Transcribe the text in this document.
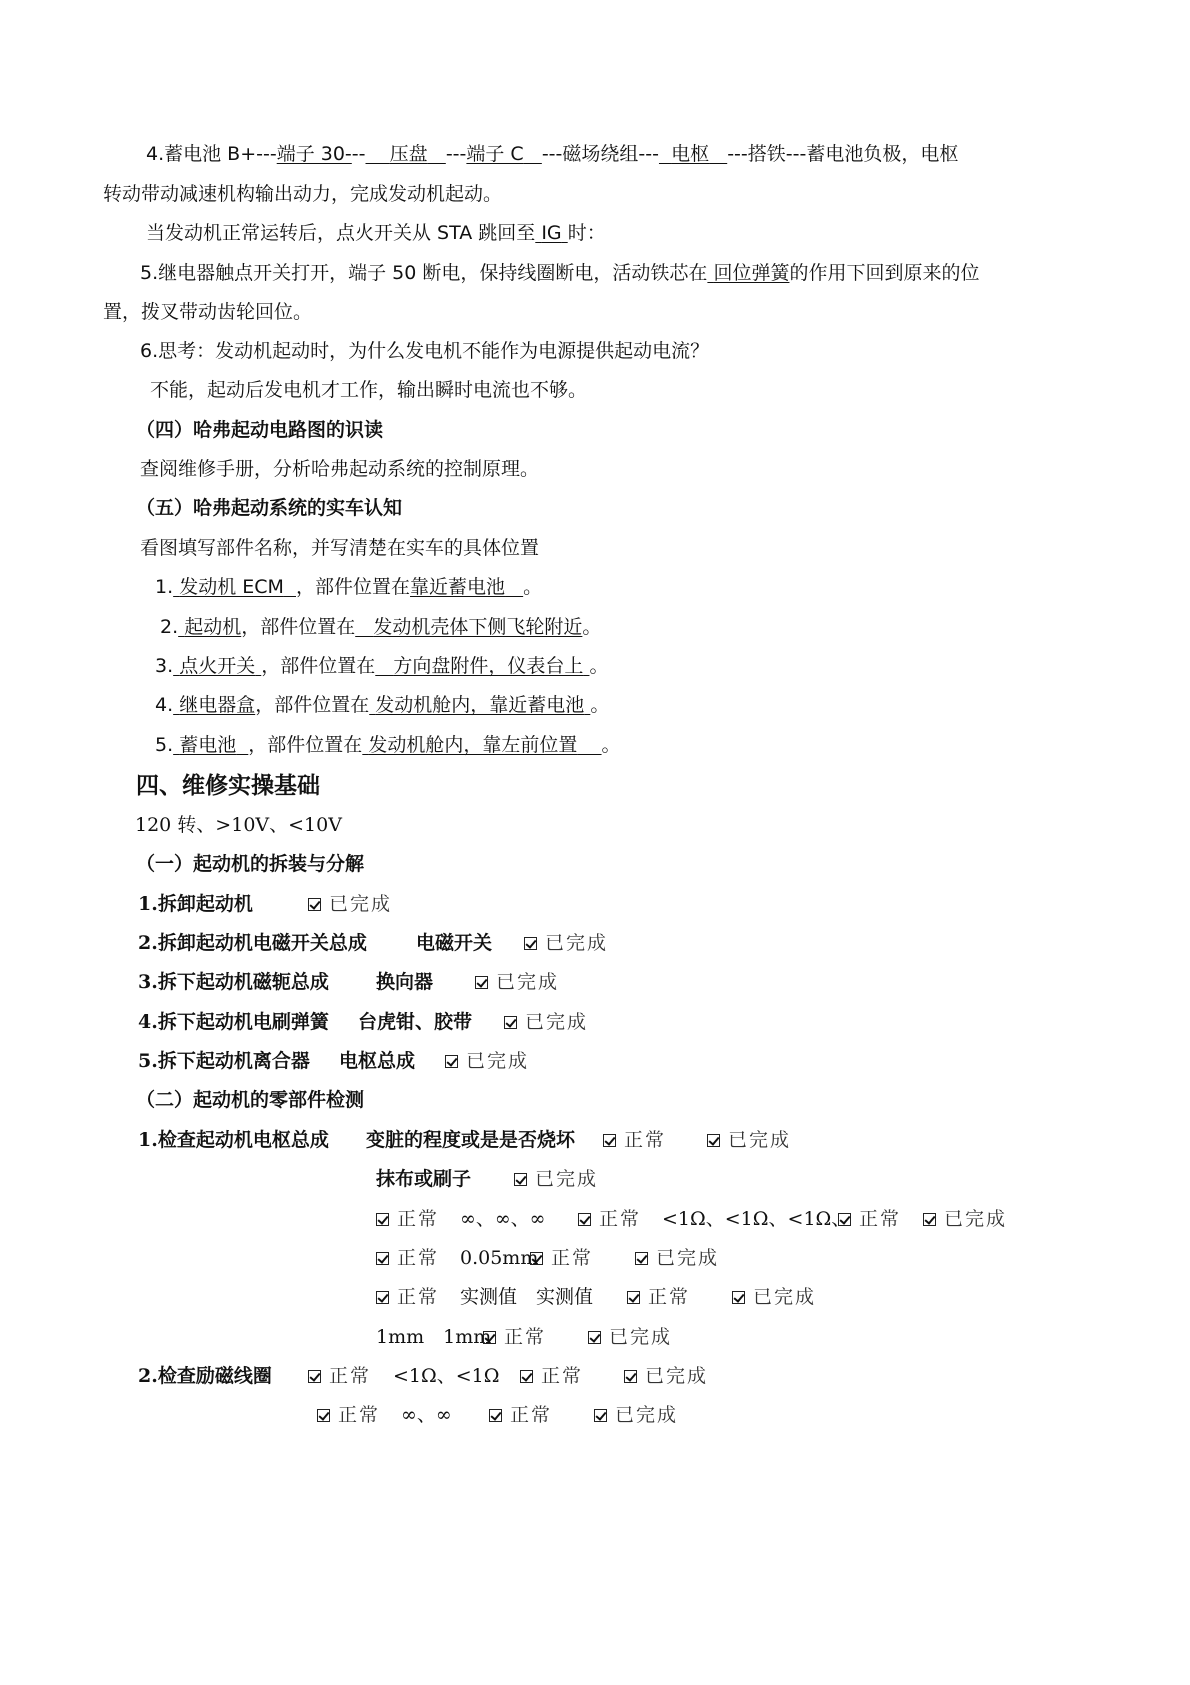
4.蓄电池 B+---端子 30--- 压盘 ---端子 C ---磁场绕组--- 电枢 ---搭铁---蓄电池负极，电枢
转动带动减速机构输出动力，完成发动机起动。
当发动机正常运转后，点火开关从 STA 跳回至 IG 时：
5.继电器触点开关打开，端子 50 断电，保持线圈断电，活动铁芯在 回位弹簧的作用下回到原来的位
置，拨叉带动齿轮回位。
6.思考：发动机起动时，为什么发电机不能作为电源提供起动电流？
不能，起动后发电机才工作，输出瞬时电流也不够。
（四）哈弗起动电路图的识读
查阅维修手册，分析哈弗起动系统的控制原理。
（五）哈弗起动系统的实车认知
看图填写部件名称，并写清楚在实车的具体位置
1. 发动机 ECM ，部件位置在靠近蓄电池 。
2. 起动机，部件位置在 发动机壳体下侧飞轮附近。
3. 点火开关 ，部件位置在 方向盘附件，仪表台上 。
4. 继电器盒，部件位置在 发动机舱内，靠近蓄电池 。
5. 蓄电池 ，部件位置在 发动机舱内，靠左前位置 。
四、维修实操基础
120 转、>10V、<10V
（一）起动机的拆装与分解
1.拆卸起动机	已完成
2.拆卸起动机电磁开关总成	电磁开关	已完成
3.拆下起动机磁轭总成 换向器	已完成
4.拆下起动机电刷弹簧 台虎钳、胶带	已完成
5.拆下起动机离合器 电枢总成	已完成
（二）起动机的零部件检测
1.检查起动机电枢总成 变脏的程度或是是否烧坏	正常	已完成
抹布或刷子	已完成
正常 ∞、∞、∞	正常 <1Ω、<1Ω、<1Ω、 正常	已完成
正常 0.05mm 正常	已完成
正常 实测值　实测值	正常	已完成
1mm　1mm 正常	已完成
2.检查励磁线圈	正常 <1Ω、<1Ω	正常	已完成
正常 ∞、∞	正常	已完成
